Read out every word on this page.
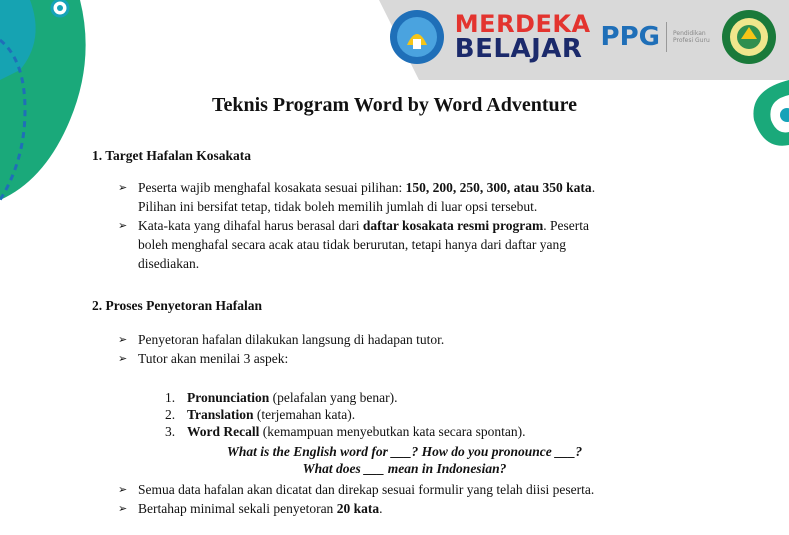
MERDEKA
BELAJAR PPG Pendidikan Profesi Guru
Teknis Program Word by Word Adventure
1. Target Hafalan Kosakata
➢ Peserta wajib menghafal kosakata sesuai pilihan: 150, 200, 250, 300, atau 350 kata.
Pilihan ini bersifat tetap, tidak boleh memilih jumlah di luar opsi tersebut.
➢ Kata-kata yang dihafal harus berasal dari daftar kosakata resmi program. Peserta
boleh menghafal secara acak atau tidak berurutan, tetapi hanya dari daftar yang
disediakan.
2. Proses Penyetoran Hafalan
➢ Penyetoran hafalan dilakukan langsung di hadapan tutor.
➢ Tutor akan menilai 3 aspek:
1. Pronunciation (pelafalan yang benar).
2. Translation (terjemahan kata).
3. Word Recall (kemampuan menyebutkan kata secara spontan).
What is the English word for ___? How do you pronounce ___?
What does ___ mean in Indonesian?
➢ Semua data hafalan akan dicatat dan direkap sesuai formulir yang telah diisi peserta.
➢ Bertahap minimal sekali penyetoran 20 kata.
